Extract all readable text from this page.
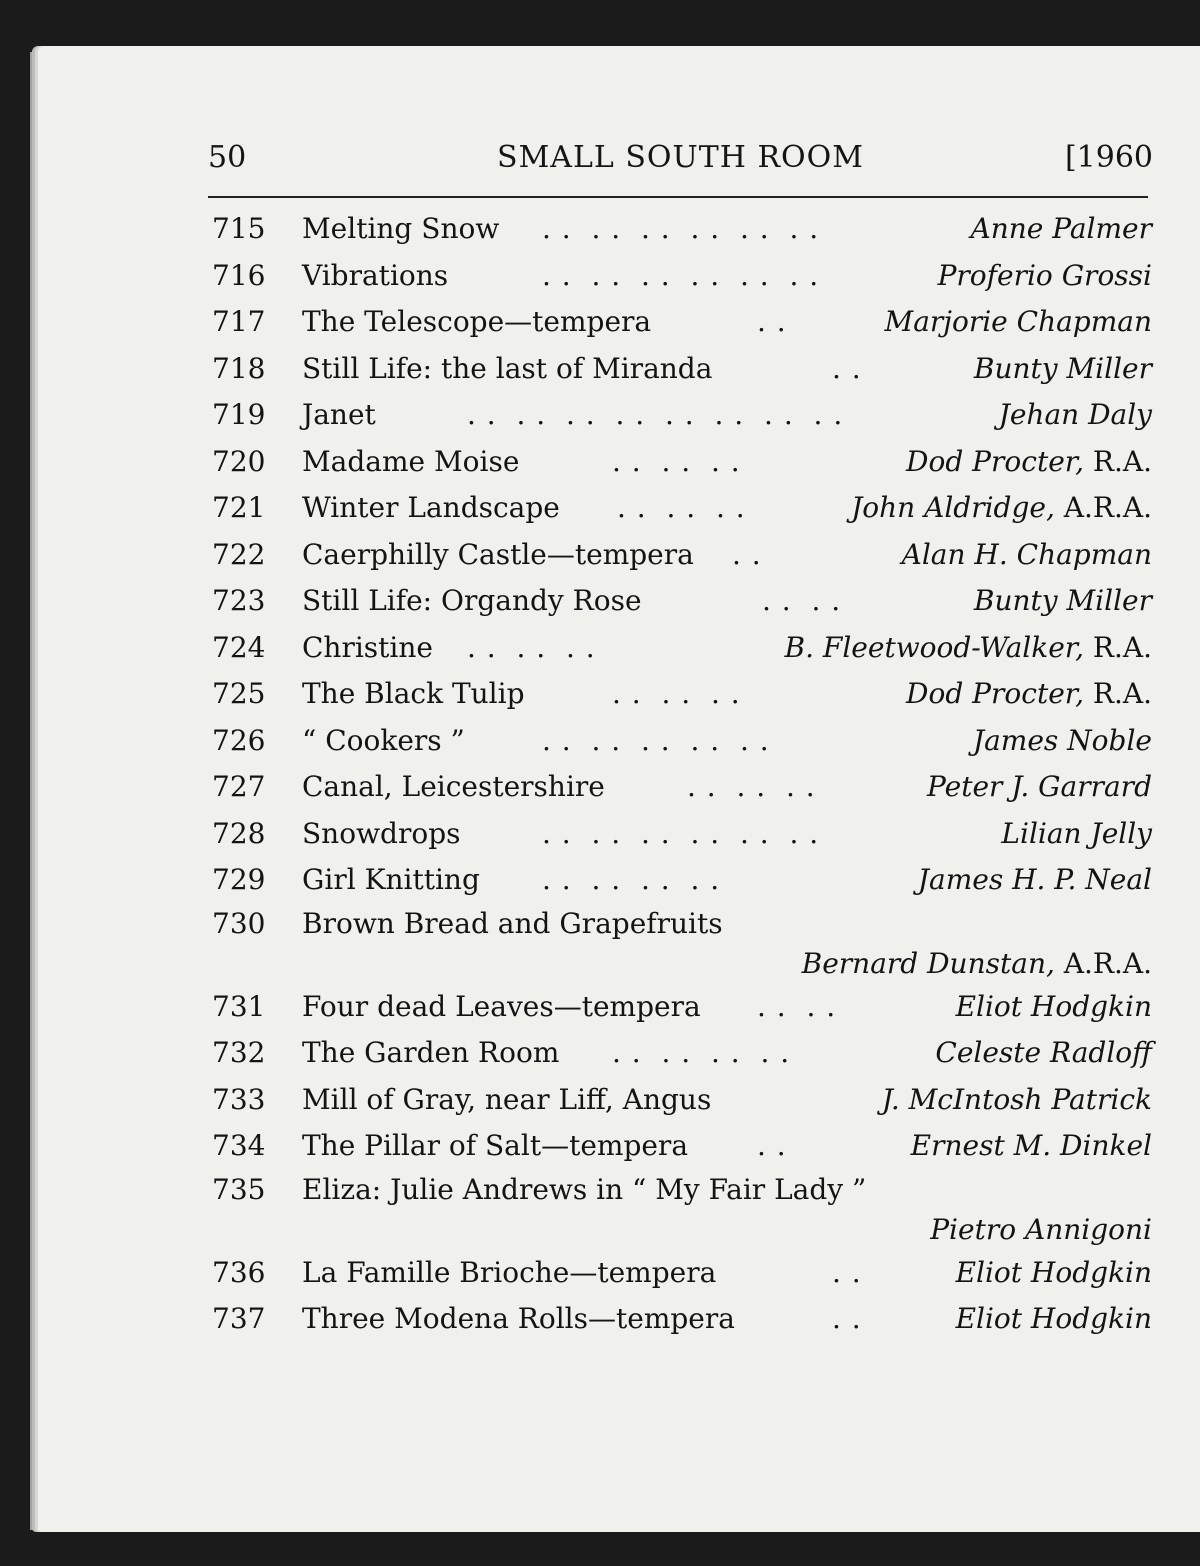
50	SMALL SOUTH ROOM	[1960
715	Melting Snow . .  . .  . .  . .  . .  . .	Anne Palmer
716	Vibrations	. .  . .  . .  . .  . .  . .	Proferio Grossi
717	The Telescope—tempera	. .	Marjorie Chapman
718	Still Life: the last of Miranda	. .	Bunty Miller
719	Janet	. .  . .  . .  . .  . .  . .  . .  . .	Jehan Daly
720	Madame Moise	. .  . .  . .	Dod Procter, R.A.
721	Winter Landscape . .  . .  . .	John Aldridge, A.R.A.
722	Caerphilly Castle—tempera . .	Alan H. Chapman
723	Still Life: Organdy Rose	. .  . .	Bunty Miller
724	Christine . .  . .  . .	B. Fleetwood-Walker, R.A.
725	The Black Tulip	. .  . .  . .	Dod Procter, R.A.
726	“ Cookers ”	. .  . .  . .  . .  . .	James Noble
727	Canal, Leicestershire	. .  . .  . .	Peter J. Garrard
728	Snowdrops	. .  . .  . .  . .  . .  . .	Lilian Jelly
729	Girl Knitting . .  . .  . .  . .	James H. P. Neal
730	Brown Bread and Grapefruits
Bernard Dunstan, A.R.A.
731	Four dead Leaves—tempera . .  . .	Eliot Hodgkin
732	The Garden Room . .  . .  . .  . .	Celeste Radloff
733	Mill of Gray, near Liff, Angus	J. McIntosh Patrick
734	The Pillar of Salt—tempera . .	Ernest M. Dinkel
735	Eliza: Julie Andrews in “ My Fair Lady ”
Pietro Annigoni
736	La Famille Brioche—tempera	. .	Eliot Hodgkin
737	Three Modena Rolls—tempera	. .	Eliot Hodgkin
